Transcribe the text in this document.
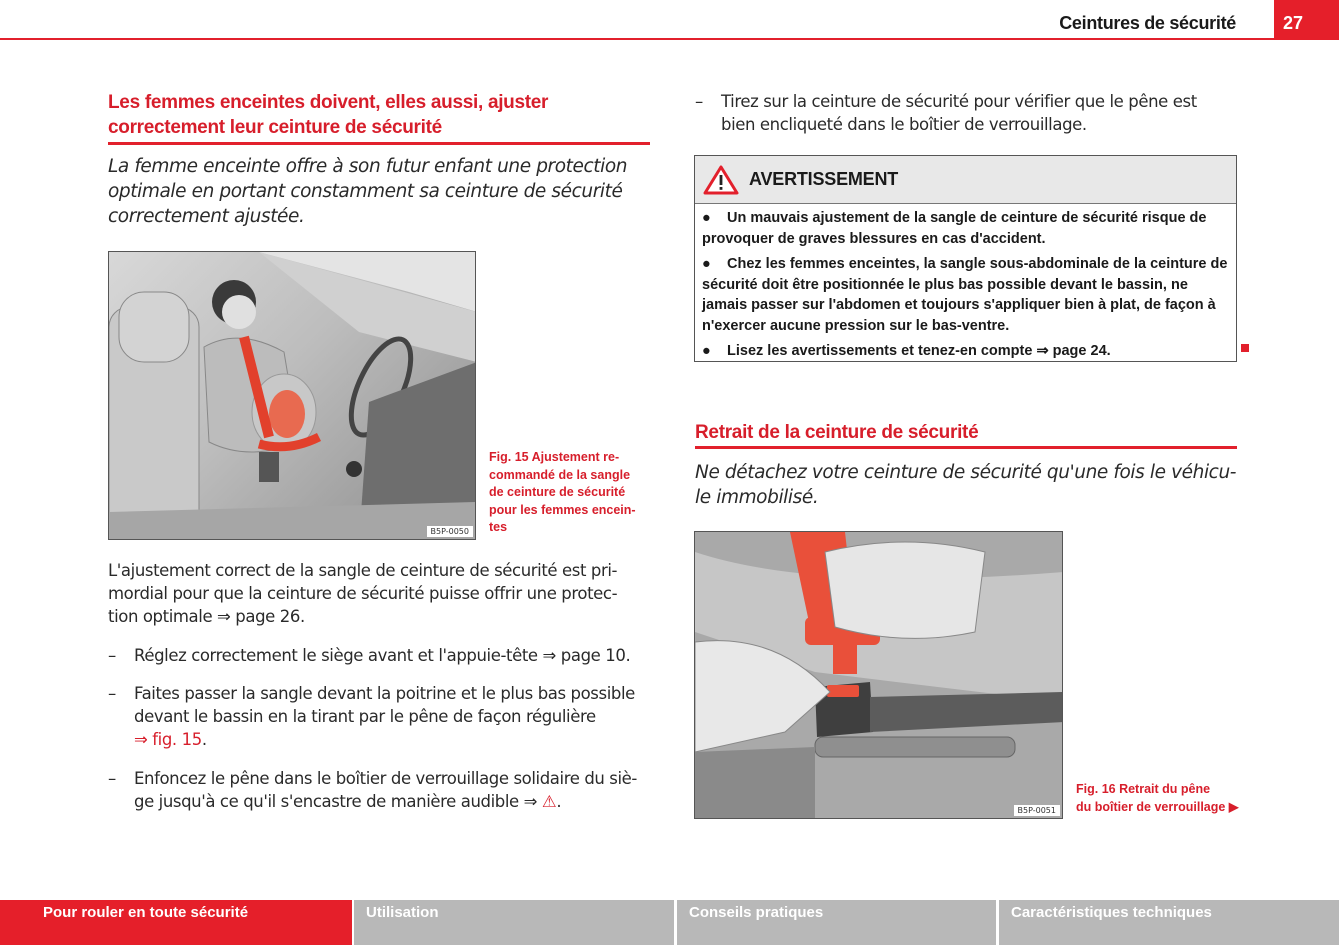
Ceintures de sécurité	27
Les femmes enceintes doivent, elles aussi, ajuster
correctement leur ceinture de sécurité
La femme enceinte offre à son futur enfant une protection
optimale en portant constamment sa ceinture de sécurité
correctement ajustée.
B5P-0050
Fig. 15 Ajustement re-
commandé de la sangle
de ceinture de sécurité
pour les femmes encein-
tes
L'ajustement correct de la sangle de ceinture de sécurité est pri-
mordial pour que la ceinture de sécurité puisse offrir une protec-
tion optimale ⇒ page 26.
– Réglez correctement le siège avant et l'appuie-tête ⇒ page 10.
– Faites passer la sangle devant la poitrine et le plus bas possible
devant le bassin en la tirant par le pêne de façon régulière
⇒ fig. 15.
– Enfoncez le pêne dans le boîtier de verrouillage solidaire du siè-
ge jusqu'à ce qu'il s'encastre de manière audible ⇒ ⚠.
– Tirez sur la ceinture de sécurité pour vérifier que le pêne est
bien encliqueté dans le boîtier de verrouillage.
AVERTISSEMENT

● Un mauvais ajustement de la sangle de ceinture de sécurité risque de provoquer de graves blessures en cas d'accident.

● Chez les femmes enceintes, la sangle sous-abdominale de la ceinture de sécurité doit être positionnée le plus bas possible devant le bassin, ne jamais passer sur l'abdomen et toujours s'appliquer bien à plat, de façon à n'exercer aucune pression sur le bas-ventre.

● Lisez les avertissements et tenez-en compte ⇒ page 24.

Retrait de la ceinture de sécurité
Ne détachez votre ceinture de sécurité qu'une fois le véhicu-
le immobilisé.
B5P-0051
Fig. 16 Retrait du pêne
du boîtier de verrouillage ▶
Pour rouler en toute sécurité	Utilisation	Conseils pratiques	Caractéristiques techniques
